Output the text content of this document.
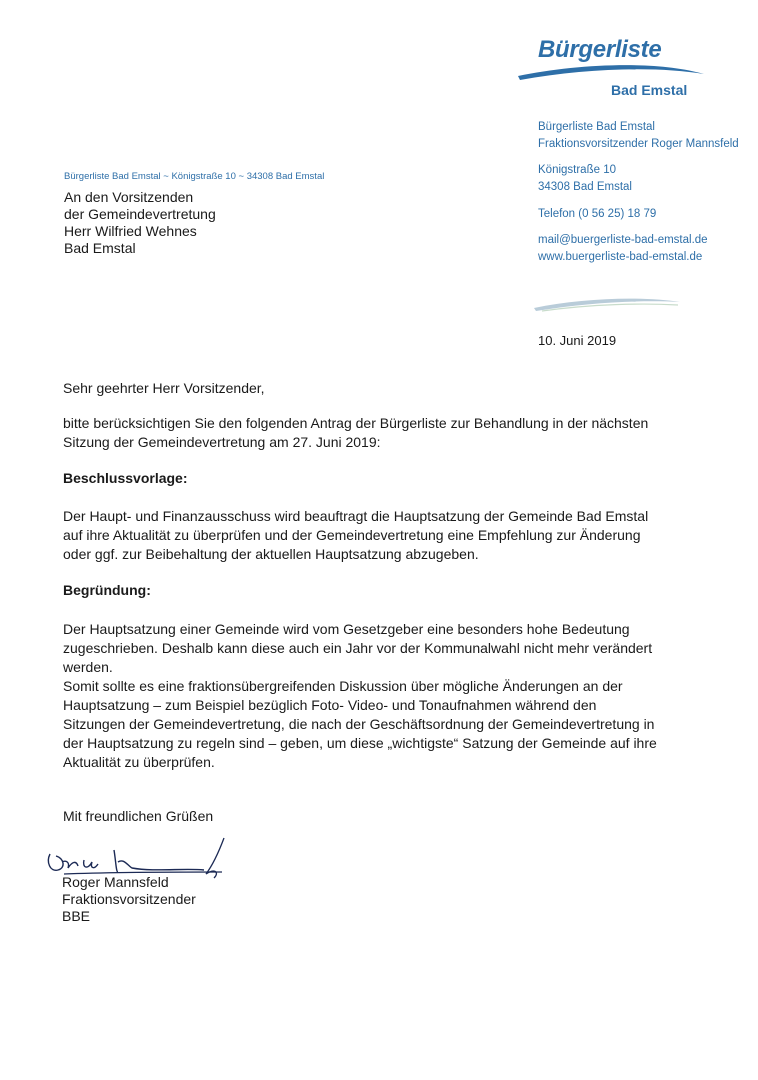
Bürgerliste
Bad Emstal
Bürgerliste Bad Emstal
Fraktionsvorsitzender Roger Mannsfeld
Königstraße 10
34308 Bad Emstal
Telefon (0 56 25) 18 79
mail@buergerliste-bad-emstal.de
www.buergerliste-bad-emstal.de
Bürgerliste Bad Emstal ~ Königstraße 10 ~ 34308 Bad Emstal
An den Vorsitzenden
der Gemeindevertretung
Herr Wilfried Wehnes
Bad Emstal
10. Juni 2019
Sehr geehrter Herr Vorsitzender,
bitte berücksichtigen Sie den folgenden Antrag der Bürgerliste zur Behandlung in der nächsten
Sitzung der Gemeindevertretung am 27. Juni 2019:
Beschlussvorlage:
Der Haupt- und Finanzausschuss wird beauftragt die Hauptsatzung der Gemeinde Bad Emstal
auf ihre Aktualität zu überprüfen und der Gemeindevertretung eine Empfehlung zur Änderung
oder ggf. zur Beibehaltung der aktuellen Hauptsatzung abzugeben.
Begründung:
Der Hauptsatzung einer Gemeinde wird vom Gesetzgeber eine besonders hohe Bedeutung
zugeschrieben. Deshalb kann diese auch ein Jahr vor der Kommunalwahl nicht mehr verändert
werden.
Somit sollte es eine fraktionsübergreifenden Diskussion über mögliche Änderungen an der
Hauptsatzung – zum Beispiel bezüglich Foto- Video- und Tonaufnahmen während den
Sitzungen der Gemeindevertretung, die nach der Geschäftsordnung der Gemeindevertretung in
der Hauptsatzung zu regeln sind – geben, um diese „wichtigste“ Satzung der Gemeinde auf ihre
Aktualität zu überprüfen.
Mit freundlichen Grüßen
Roger Mannsfeld
Fraktionsvorsitzender
BBE
